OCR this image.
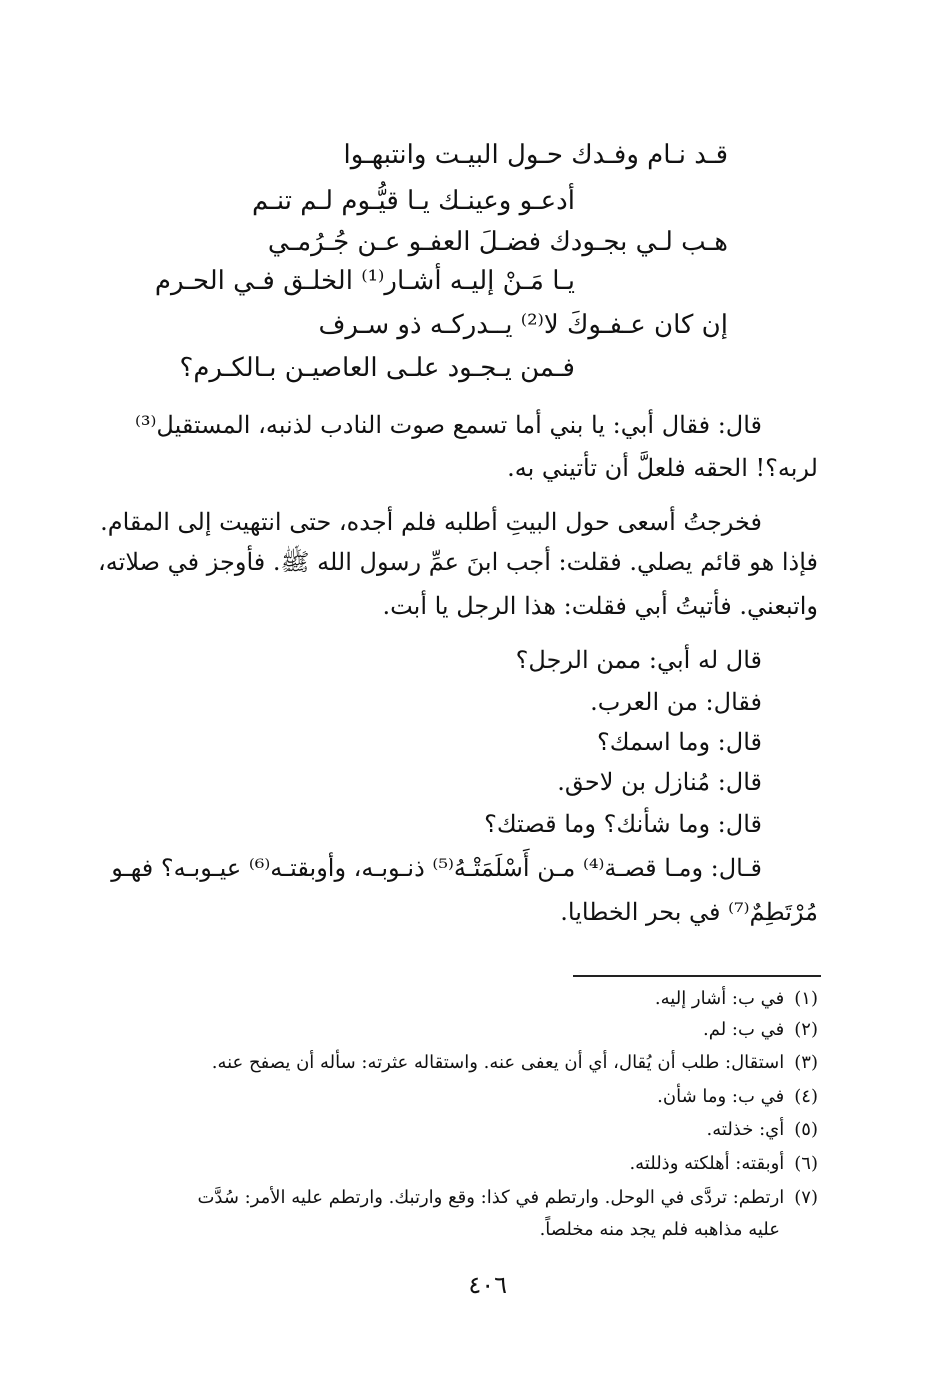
قـد نـام وفـدك حـول البيـت وانتبهـوا
أدعـو وعينـك يـا قيُّـوم لـم تنـم
هـب لـي بجـودك فضـلَ العفـو عـن جُـرُمـي
يـا مَـنْ إليـه أشـار⁽¹⁾ الخلـق فـي الحـرم
إن كان عـفـوكَ لا⁽²⁾ يــدركـه ذو سـرف
فـمن يـجـود علـى العاصيـن بـالكـرم؟
قال: فقال أبي: يا بني أما تسمع صوت النادب لذنبه، المستقيل⁽³⁾
لربه؟! الحقه فلعلَّ أن تأتيني به.
فخرجتُ أسعى حول البيتِ أطلبه فلم أجده، حتى انتهيت إلى المقام.
فإذا هو قائم يصلي. فقلت: أجب ابنَ عمِّ رسول الله ﷺ. فأوجز في صلاته،
واتبعني. فأتيتُ أبي فقلت: هذا الرجل يا أبت.
قال له أبي: ممن الرجل؟
فقال: من العرب.
قال: وما اسمك؟
قال: مُنازل بن لاحق.
قال: وما شأنك؟ وما قصتك؟
قـال: ومـا قصـة⁽⁴⁾ مـن أَسْلَمَتْـهُ⁽⁵⁾ ذنـوبـه، وأوبقتـه⁽⁶⁾ عيـوبـه؟ فهـو
مُرْتَطِمٌ⁽⁷⁾ في بحر الخطايا.
(١)في ب: أشار إليه.
(٢)في ب: لم.
(٣)استقال: طلب أن يُقال، أي أن يعفى عنه. واستقاله عثرته: سأله أن يصفح عنه.
(٤)في ب: وما شأن.
(٥)أي: خذلته.
(٦)أوبقته: أهلكته وذللته.
(٧)ارتطم: تردَّى في الوحل. وارتطم في كذا: وقع وارتبك. وارتطم عليه الأمر: سُدَّت
عليه مذاهبه فلم يجد منه مخلصاً.
٤٠٦
